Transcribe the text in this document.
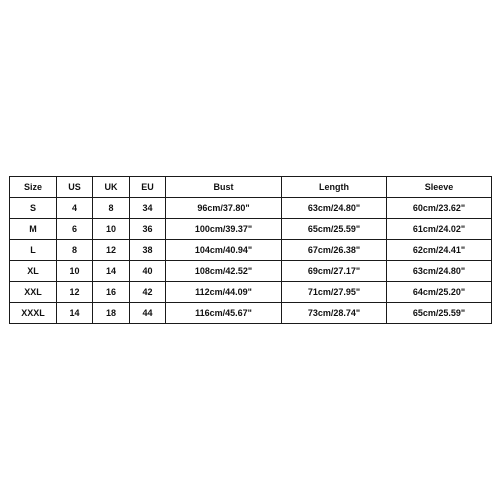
Size	US	UK	EU	Bust	Length	Sleeve
S	4	8	34	96cm/37.80"	63cm/24.80"	60cm/23.62"
M	6	10	36	100cm/39.37"	65cm/25.59"	61cm/24.02"
L	8	12	38	104cm/40.94"	67cm/26.38"	62cm/24.41"
XL	10	14	40	108cm/42.52"	69cm/27.17"	63cm/24.80"
XXL	12	16	42	112cm/44.09"	71cm/27.95"	64cm/25.20"
XXXL	14	18	44	116cm/45.67"	73cm/28.74"	65cm/25.59"
